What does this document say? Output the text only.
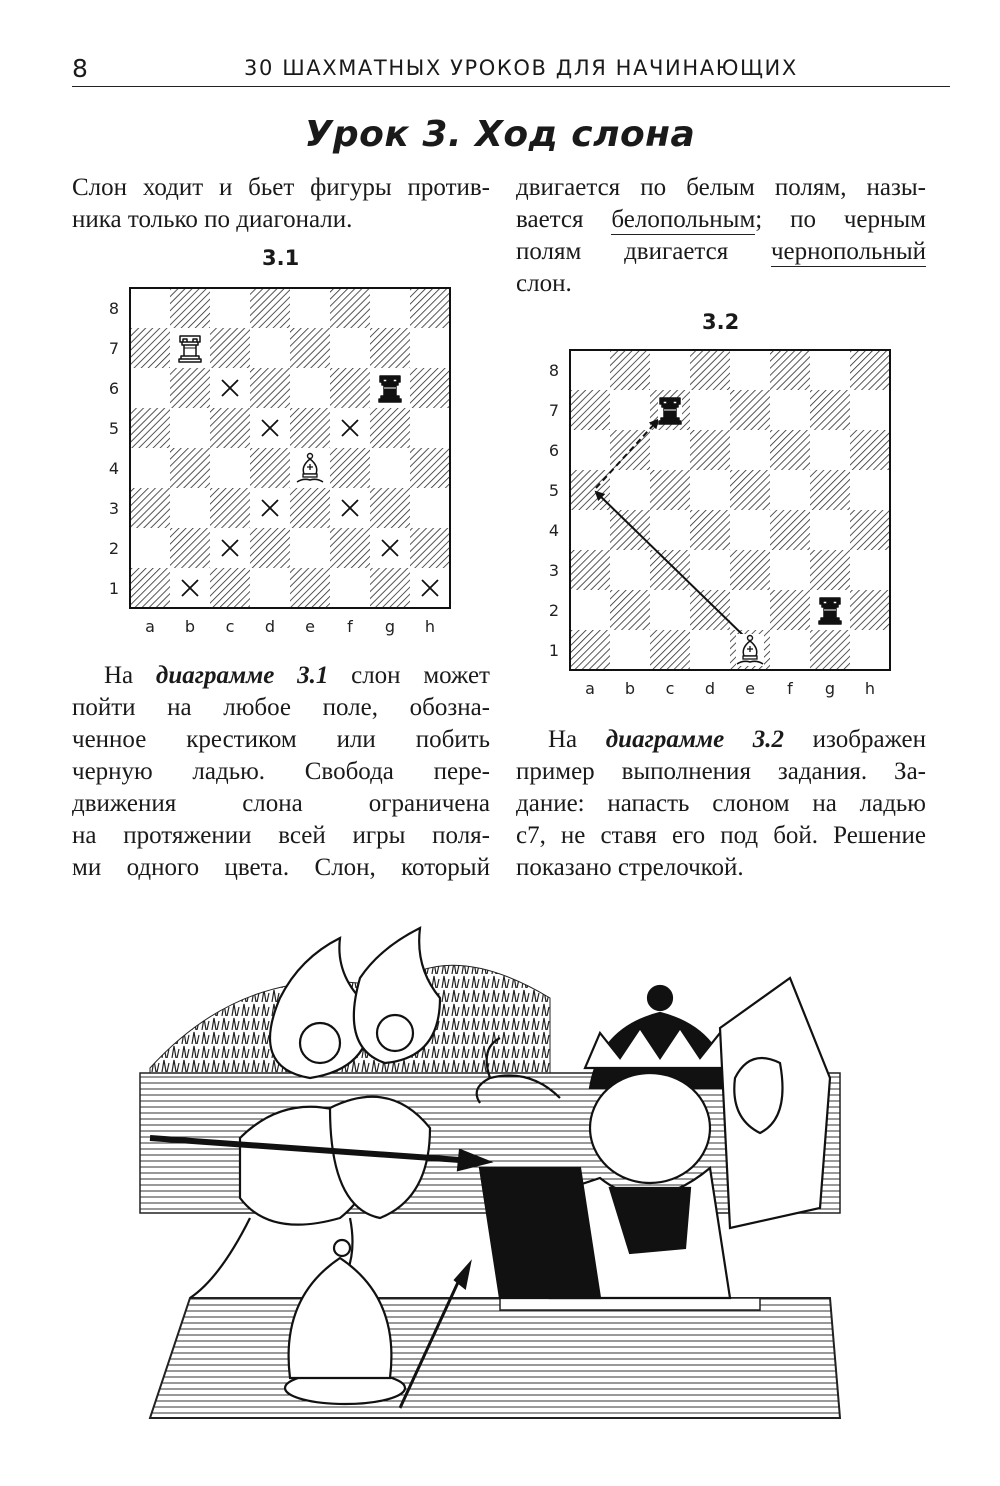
8	30 ШАХМАТНЫХ УРОКОВ ДЛЯ НАЧИНАЮЩИХ
Урок 3. Ход слона
Слон ходит и бьет фигуры против-
ника только по диагонали.
двигается по белым полям, назы-
вается белопольным; по черным
полям двигается чернопольный
слон.
3.1
3.2
8
7
6
5
4
3
2
1
a b c d e f g h
8
7
6
5
4
3
2
1
a b c d e f g h
На диаграмме 3.1 слон может
пойти на любое поле, обозна-
ченное крестиком или побить
черную ладью. Свобода пере-
движения слона ограничена
на протяжении всей игры поля-
ми одного цвета. Слон, который
На диаграмме 3.2 изображен
пример выполнения задания. За-
дание: напасть слоном на ладью
с7, не ставя его под бой. Решение
показано стрелочкой.
